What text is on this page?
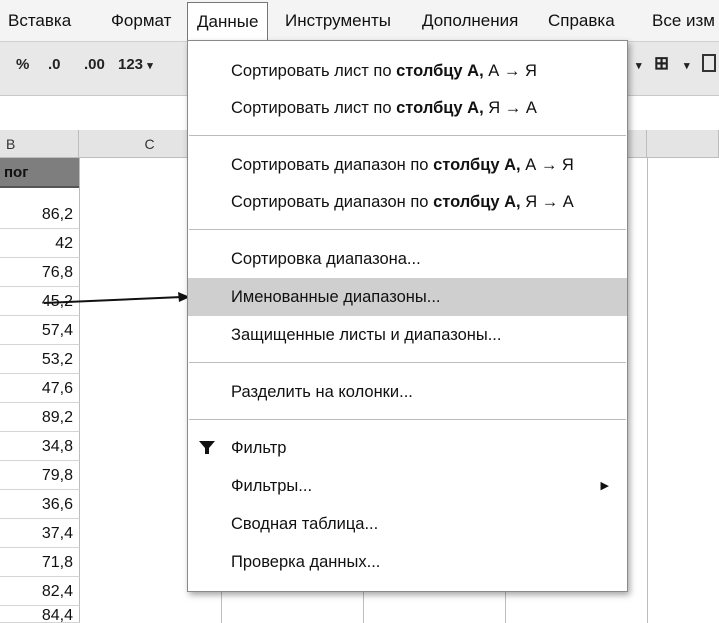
Вставка Формат	Данные	Инструменты Дополнения Справка Все изм
% .0 .00 123 ▾	▾ ⊞ ▾
B	C
пог
86,2
42
76,8
45,2
57,4
53,2
47,6
89,2
34,8
79,8
36,6
37,4
71,8
82,4
84,4
Сортировать лист по столбцу A, А → Я
Сортировать лист по столбцу A, Я → А
Сортировать диапазон по столбцу A, А → Я
Сортировать диапазон по столбцу A, Я → А
Сортировка диапазона...
Именованные диапазоны...
Защищенные листы и диапазоны...
Разделить на колонки...
Фильтр
Фильтры...	▶
Сводная таблица...
Проверка данных...
